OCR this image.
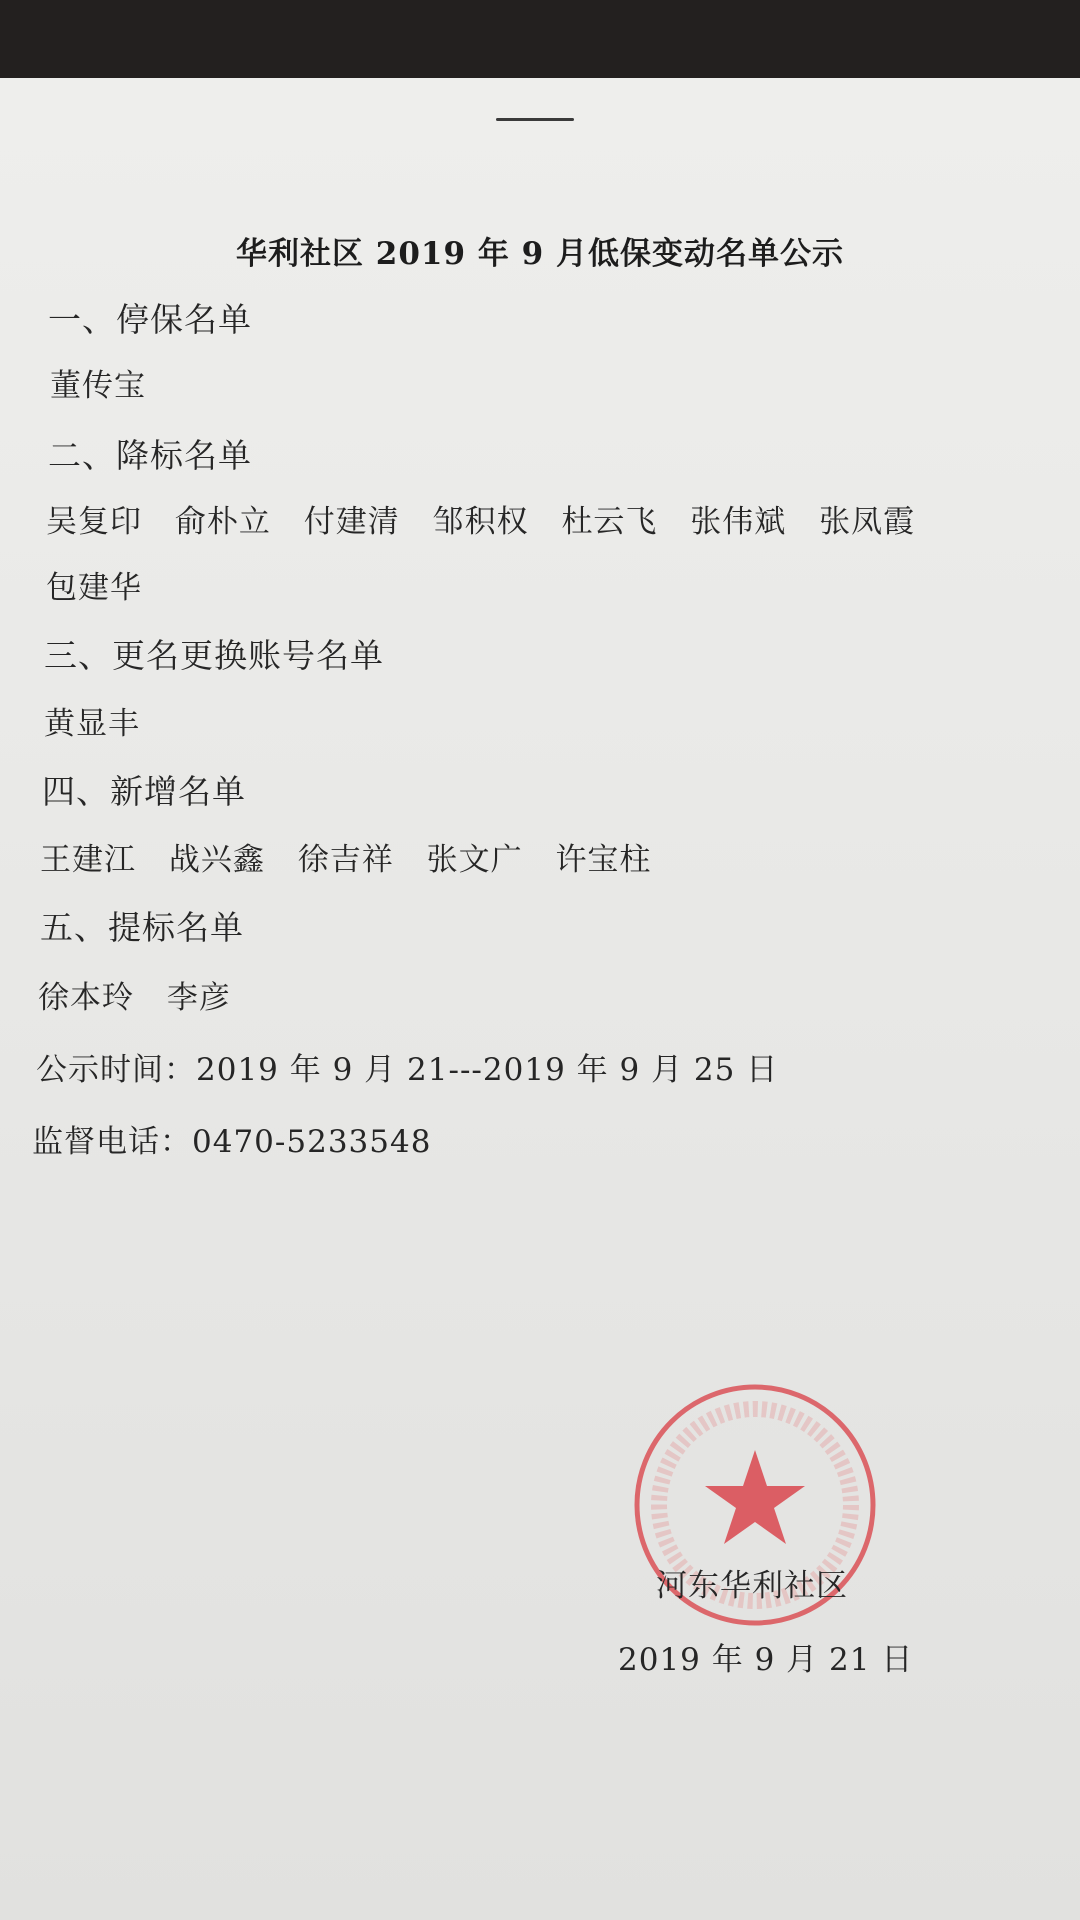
华利社区 2019 年 9 月低保变动名单公示
一、停保名单
董传宝
二、降标名单
吴复印 俞朴立 付建清 邹积权 杜云飞 张伟斌 张凤霞
包建华
三、更名更换账号名单
黄显丰
四、新增名单
王建江 战兴鑫 徐吉祥 张文广 许宝柱
五、提标名单
徐本玲 李彦
公示时间：2019 年 9 月 21---2019 年 9 月 25 日
监督电话：0470-5233548
河东华利社区
2019 年 9 月 21 日
